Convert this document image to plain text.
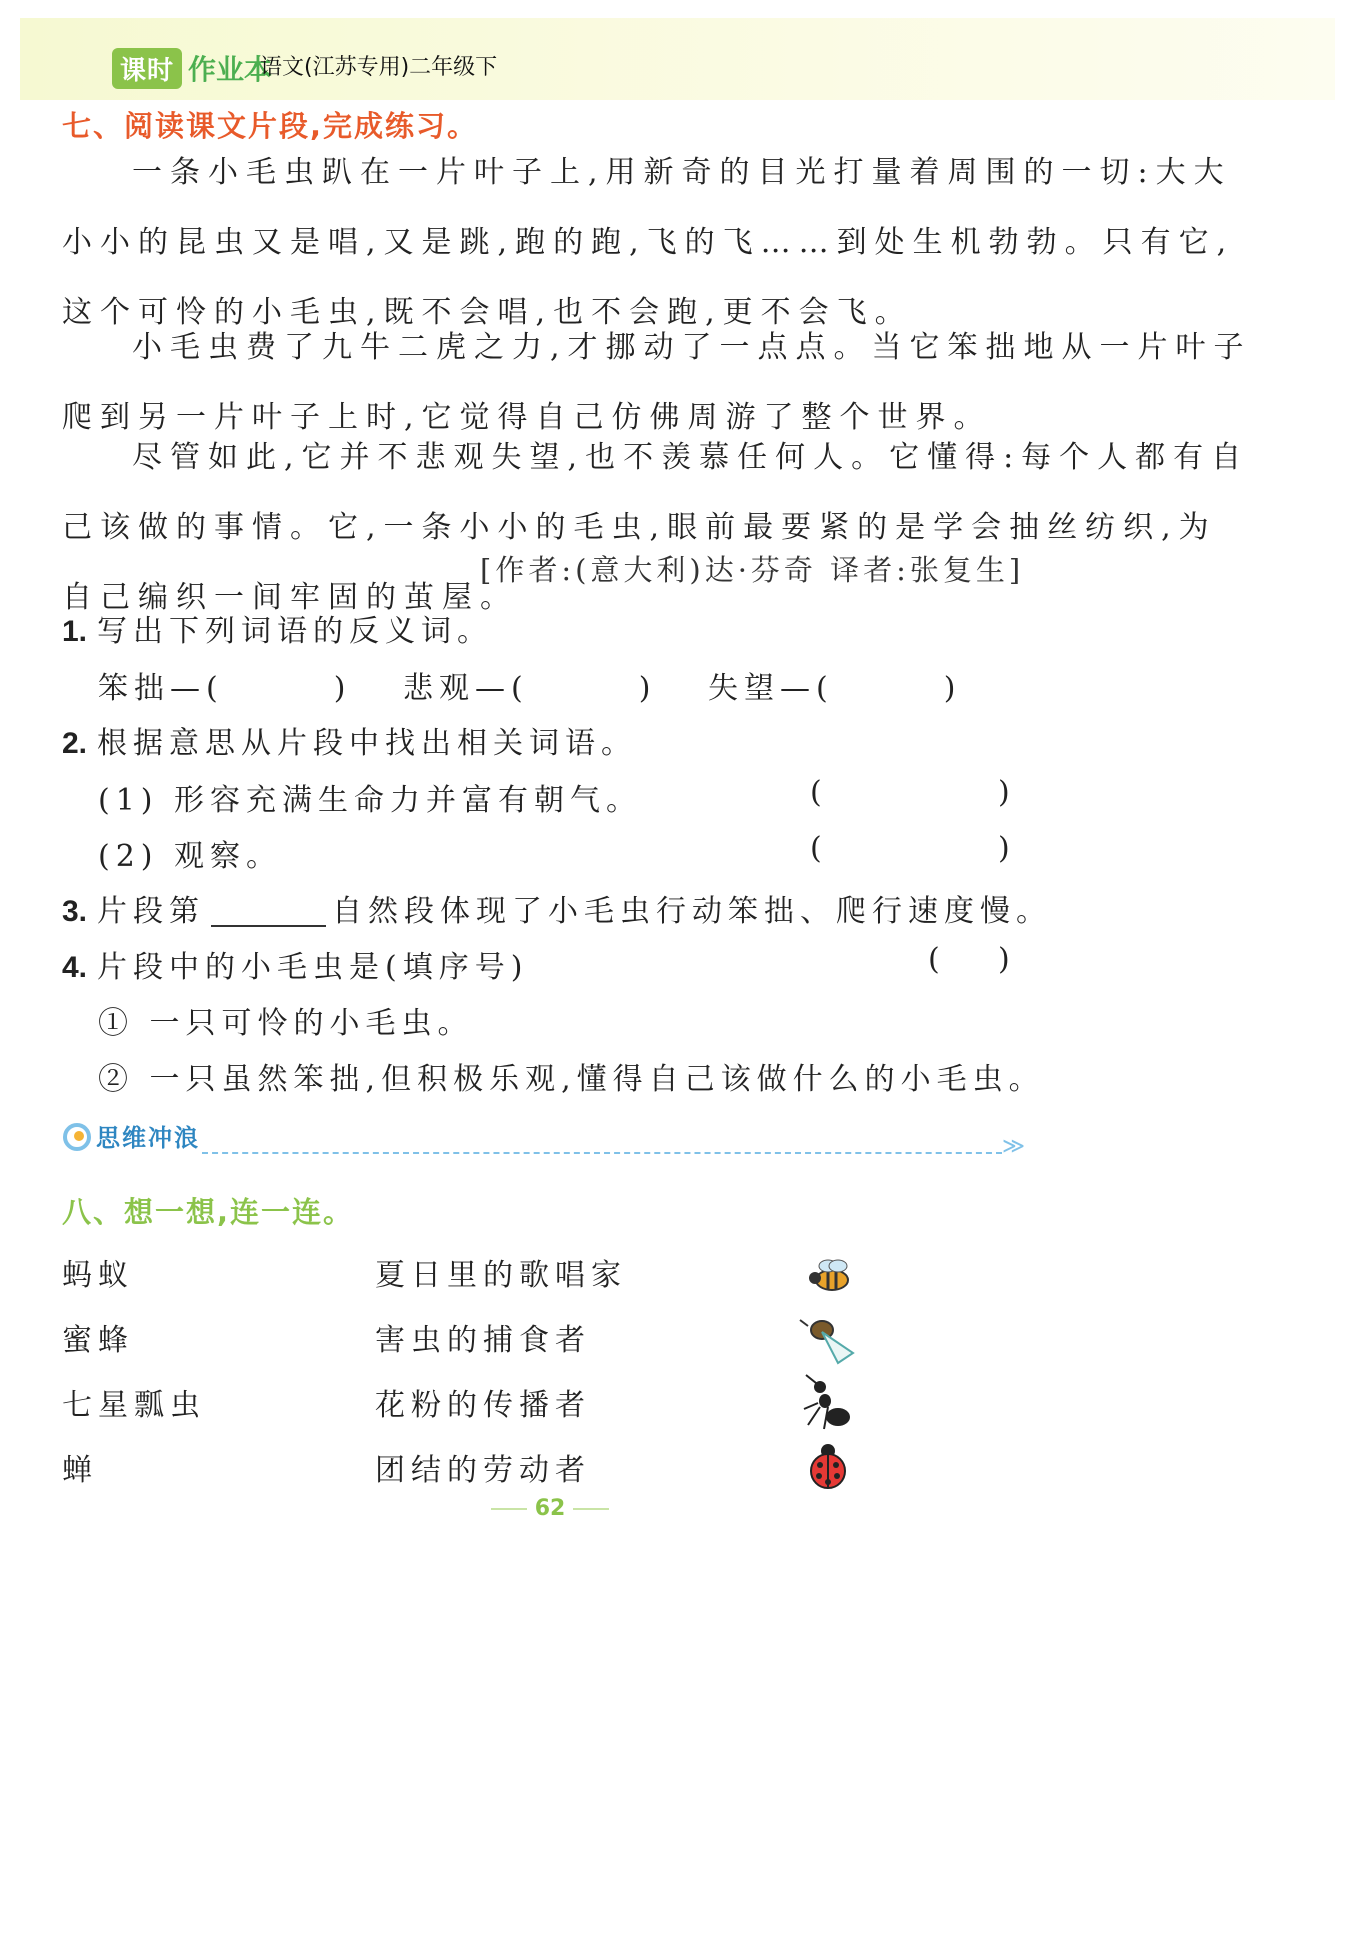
课时 作业本
语文(江苏专用)二年级下
七、阅读课文片段,完成练习。
一条小毛虫趴在一片叶子上,用新奇的目光打量着周围的一切:大大小小的昆虫又是唱,又是跳,跑的跑,飞的飞……到处生机勃勃。只有它,这个可怜的小毛虫,既不会唱,也不会跑,更不会飞。
小毛虫费了九牛二虎之力,才挪动了一点点。当它笨拙地从一片叶子爬到另一片叶子上时,它觉得自己仿佛周游了整个世界。
尽管如此,它并不悲观失望,也不羡慕任何人。它懂得:每个人都有自己该做的事情。它,一条小小的毛虫,眼前最要紧的是学会抽丝纺织,为自己编织一间牢固的茧屋。
[作者:(意大利)达·芬奇 译者:张复生]
1. 写出下列词语的反义词。
笨拙—(	) 悲观—(	) 失望—(	)
2. 根据意思从片段中找出相关词语。
(1) 形容充满生命力并富有朝气。	(	)
(2) 观察。	(	)
3. 片段第	自然段体现了小毛虫行动笨拙、爬行速度慢。
4. 片段中的小毛虫是(填序号)	( )
① 一只可怜的小毛虫。
② 一只虽然笨拙,但积极乐观,懂得自己该做什么的小毛虫。
思维冲浪	≫
八、想一想,连一连。
蚂蚁	夏日里的歌唱家
蜜蜂	害虫的捕食者
七星瓢虫	花粉的传播者
蝉	团结的劳动者
62
